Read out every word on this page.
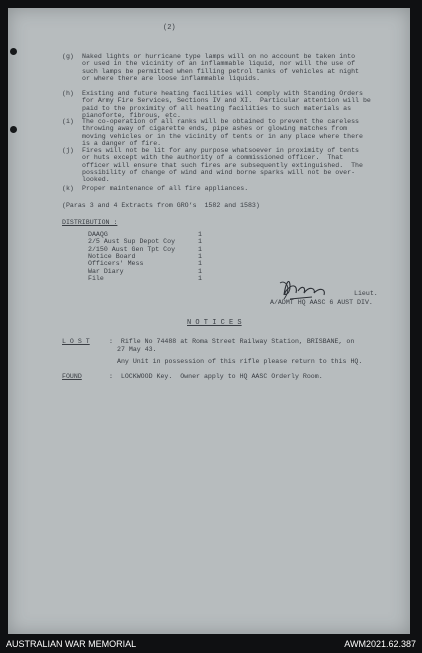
(2)
(g) Naked lights or hurricane type lamps will on no account be taken into
or used in the vicinity of an inflammable liquid, nor will the use of
such lamps be permitted when filling petrol tanks of vehicles at night
or where there are loose inflammable liquids.
(h) Existing and future heating facilities will comply with Standing Orders
for Army Fire Services, Sections IV and XI.  Particular attention will be
paid to the proximity of all heating facilities to such materials as
pianoforte, fibrous, etc.
(i) The co-operation of all ranks will be obtained to prevent the careless
throwing away of cigarette ends, pipe ashes or glowing matches from
moving vehicles or in the vicinity of tents or in any place where there
is a danger of fire.
(j) Fires will not be lit for any purpose whatsoever in proximity of tents
or huts except with the authority of a commissioned officer.  That
officer will ensure that such fires are subsequently extinguished.  The
possibility of change of wind and wind borne sparks will not be over-
looked.
(k) Proper maintenance of all fire appliances.
(Paras 3 and 4 Extracts from GRO’s  1582 and 1583)
DISTRIBUTION :
DAAQG	1
2/5 Aust Sup Depot Coy	1
2/150 Aust Gen Tpt Coy	1
Notice Board	1
Officers' Mess	1
War Diary	1
File	1
Lieut.
A/ADMT HQ AASC 6 AUST DIV.
N O T I C E S
L O S T	:  Rifle No 74488 at Roma Street Railway Station, BRISBANE, on
27 May 43.
Any Unit in possession of this rifle please return to this HQ.
FOUND	:  LOCKWOOD Key.  Owner apply to HQ AASC Orderly Room.
AUSTRALIAN WAR MEMORIAL	AWM2021.62.387
